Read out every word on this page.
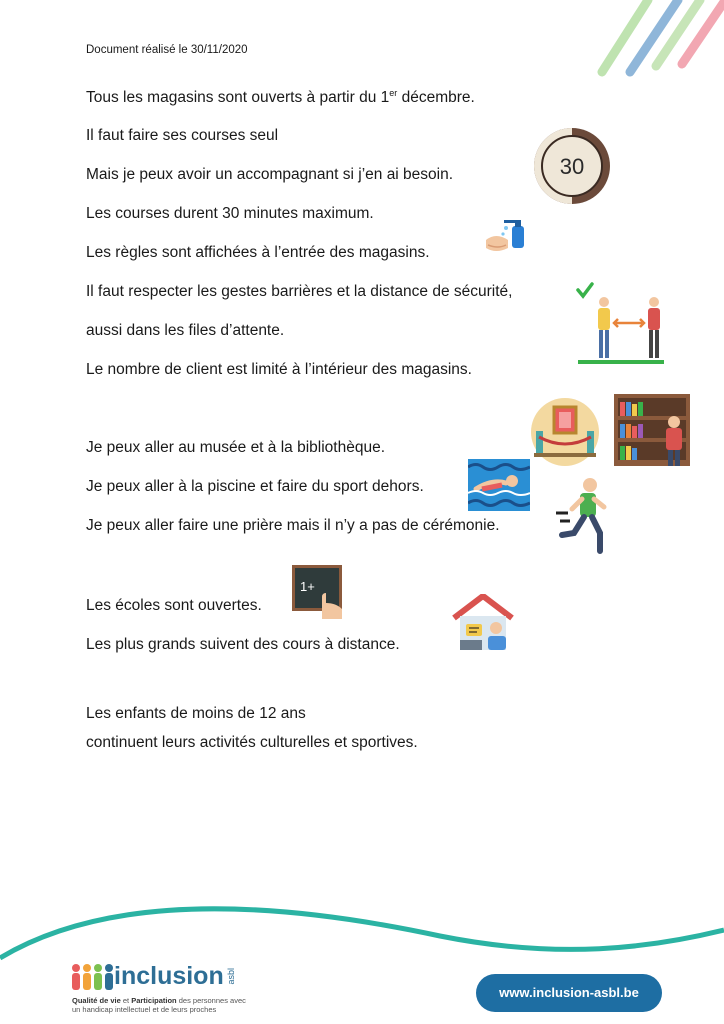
Document réalisé le 30/11/2020
Tous les magasins sont ouverts à partir du 1er décembre.
Il faut faire ses courses seul
Mais je peux avoir un accompagnant si j’en ai besoin.
Les courses durent 30 minutes maximum.
Les règles sont affichées à l’entrée des magasins.
Il faut respecter les gestes barrières et la distance de sécurité,
aussi dans les files d’attente.
Le nombre de client est limité à l’intérieur des magasins.
Je peux aller au musée et à la bibliothèque.
Je peux aller à la piscine et faire du sport dehors.
Je peux aller faire une prière mais il n’y a pas de cérémonie.
Les écoles sont ouvertes.
Les plus grands suivent des cours à distance.
Les enfants de moins de 12 ans
continuent leurs activités culturelles et sportives.
30
1+
inclusion asbl
Qualité de vie et Participation des personnes avec un handicap intellectuel et de leurs proches
www.inclusion-asbl.be
